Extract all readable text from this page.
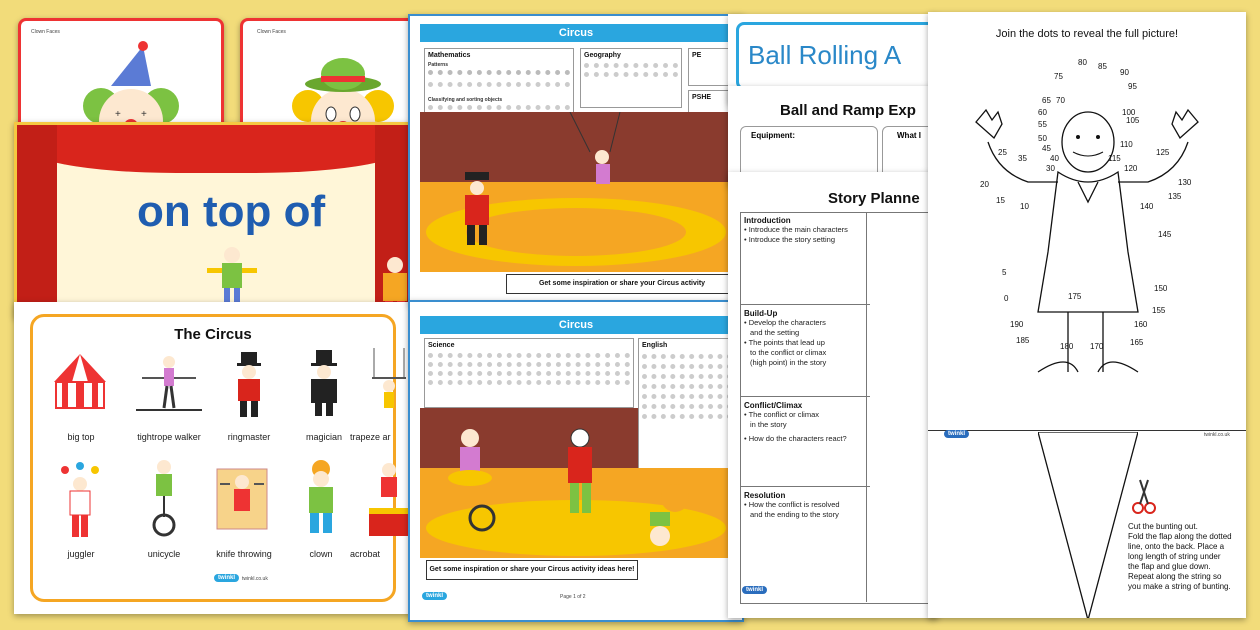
Clown Faces
+ +
Clown Faces
on top of
The Circus
big top	tightrope walker	ringmaster	magician trapeze ar
juggler	unicycle	knife throwing	clown	acrobat
twinkl	twinkl.co.uk
Circus
Mathematics
Patterns
Classifying and sorting objects
Geography	PE
PSHE
Get some inspiration or share your Circus activity
Circus
Science	English
Get some inspiration or share your Circus activity ideas here!
twinkl	Page 1 of 2
Ball Rolling A
Ball and Ramp Exp
Equipment:	What I
Story Planne
Introduction
• Introduce the main characters
• Introduce the story setting
Build-Up
• Develop the characters
and the setting
• The points that lead up
to the conflict or climax
(high point) in the story
Conflict/Climax
• The conflict or climax
in the story
• How do the characters react?
Resolution
• How the conflict is resolved
and the ending to the story
twinkl
Join the dots to reveal the full picture!
75
80 85
90
95
65 70
60	100
55	105
50
110
45
40	115
125
25
35
30	120
20	130
15
10
135
140
145
5
150
0	175
155
190	160
185
180 170	165
twinkl	twinkl.co.uk
Cut the bunting out.
Fold the flap along the dotted
line, onto the back. Place a
long length of string under
the flap and glue down.
Repeat along the string so
you make a string of bunting.
